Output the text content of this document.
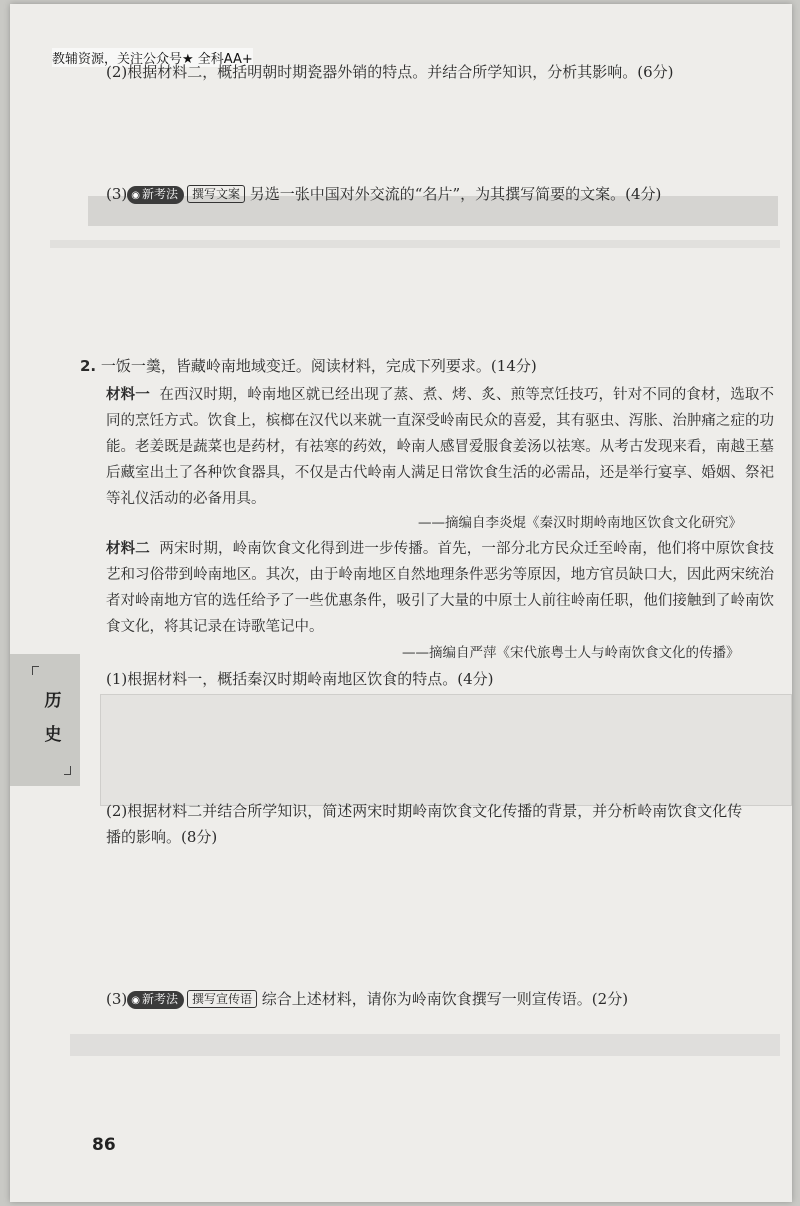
教辅资源，关注公众号★ 全科AA+
(2)根据材料二，概括明朝时期瓷器外销的特点。并结合所学知识，分析其影响。(6分)
(3) ◉ 新考法 撰写文案 另选一张中国对外交流的“名片”，为其撰写简要的文案。(4分)
2. 一饭一羹，皆藏岭南地域变迁。阅读材料，完成下列要求。(14分)
材料一 在西汉时期，岭南地区就已经出现了蒸、煮、烤、炙、煎等烹饪技巧，针对不同的食材，选取不同的烹饪方式。饮食上，槟榔在汉代以来就一直深受岭南民众的喜爱，其有驱虫、泻胀、治肿痛之症的功能。老姜既是蔬菜也是药材，有祛寒的药效，岭南人感冒爱服食姜汤以祛寒。从考古发现来看，南越王墓后藏室出土了各种饮食器具，不仅是古代岭南人满足日常饮食生活的必需品，还是举行宴享、婚姻、祭祀等礼仪活动的必备用具。
——摘编自李炎焜《秦汉时期岭南地区饮食文化研究》
材料二 两宋时期，岭南饮食文化得到进一步传播。首先，一部分北方民众迁至岭南，他们将中原饮食技艺和习俗带到岭南地区。其次，由于岭南地区自然地理条件恶劣等原因，地方官员缺口大，因此两宋统治者对岭南地方官的选任给予了一些优惠条件，吸引了大量的中原士人前往岭南任职，他们接触到了岭南饮食文化，将其记录在诗歌笔记中。
——摘编自严萍《宋代旅粤士人与岭南饮食文化的传播》
(1)根据材料一，概括秦汉时期岭南地区饮食的特点。(4分)
(2)根据材料二并结合所学知识，简述两宋时期岭南饮食文化传播的背景，并分析岭南饮食文化传
播的影响。(8分)
(3) ◉ 新考法 撰写宣传语 综合上述材料，请你为岭南饮食撰写一则宣传语。(2分)
历史
86
